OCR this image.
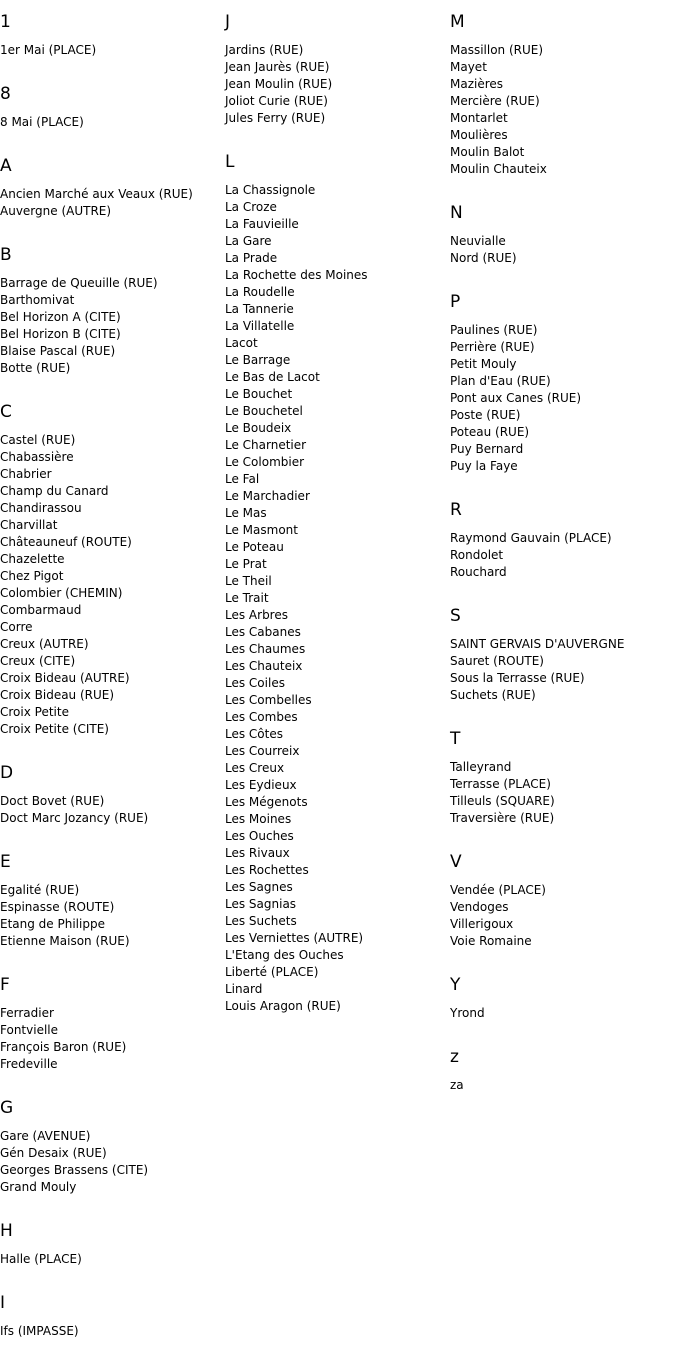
1
1er Mai (PLACE)
8
8 Mai (PLACE)
A
Ancien Marché aux Veaux (RUE)
Auvergne (AUTRE)
B
Barrage de Queuille (RUE)
Barthomivat
Bel Horizon A (CITE)
Bel Horizon B (CITE)
Blaise Pascal (RUE)
Botte (RUE)
C
Castel (RUE)
Chabassière
Chabrier
Champ du Canard
Chandirassou
Charvillat
Châteauneuf (ROUTE)
Chazelette
Chez Pigot
Colombier (CHEMIN)
Combarmaud
Corre
Creux (AUTRE)
Creux (CITE)
Croix Bideau (AUTRE)
Croix Bideau (RUE)
Croix Petite
Croix Petite (CITE)
D
Doct Bovet (RUE)
Doct Marc Jozancy (RUE)
E
Egalité (RUE)
Espinasse (ROUTE)
Etang de Philippe
Etienne Maison (RUE)
F
Ferradier
Fontvielle
François Baron (RUE)
Fredeville
G
Gare (AVENUE)
Gén Desaix (RUE)
Georges Brassens (CITE)
Grand Mouly
H
Halle (PLACE)
I
Ifs (IMPASSE)
J
Jardins (RUE)
Jean Jaurès (RUE)
Jean Moulin (RUE)
Joliot Curie (RUE)
Jules Ferry (RUE)
L
La Chassignole
La Croze
La Fauvieille
La Gare
La Prade
La Rochette des Moines
La Roudelle
La Tannerie
La Villatelle
Lacot
Le Barrage
Le Bas de Lacot
Le Bouchet
Le Bouchetel
Le Boudeix
Le Charnetier
Le Colombier
Le Fal
Le Marchadier
Le Mas
Le Masmont
Le Poteau
Le Prat
Le Theil
Le Trait
Les Arbres
Les Cabanes
Les Chaumes
Les Chauteix
Les Coiles
Les Combelles
Les Combes
Les Côtes
Les Courreix
Les Creux
Les Eydieux
Les Mégenots
Les Moines
Les Ouches
Les Rivaux
Les Rochettes
Les Sagnes
Les Sagnias
Les Suchets
Les Verniettes (AUTRE)
L'Etang des Ouches
Liberté (PLACE)
Linard
Louis Aragon (RUE)
M
Massillon (RUE)
Mayet
Mazières
Mercière (RUE)
Montarlet
Moulières
Moulin Balot
Moulin Chauteix
N
Neuvialle
Nord (RUE)
P
Paulines (RUE)
Perrière (RUE)
Petit Mouly
Plan d'Eau (RUE)
Pont aux Canes (RUE)
Poste (RUE)
Poteau (RUE)
Puy Bernard
Puy la Faye
R
Raymond Gauvain (PLACE)
Rondolet
Rouchard
S
SAINT GERVAIS D'AUVERGNE
Sauret (ROUTE)
Sous la Terrasse (RUE)
Suchets (RUE)
T
Talleyrand
Terrasse (PLACE)
Tilleuls (SQUARE)
Traversière (RUE)
V
Vendée (PLACE)
Vendoges
Villerigoux
Voie Romaine
Y
Yrond
z
za
